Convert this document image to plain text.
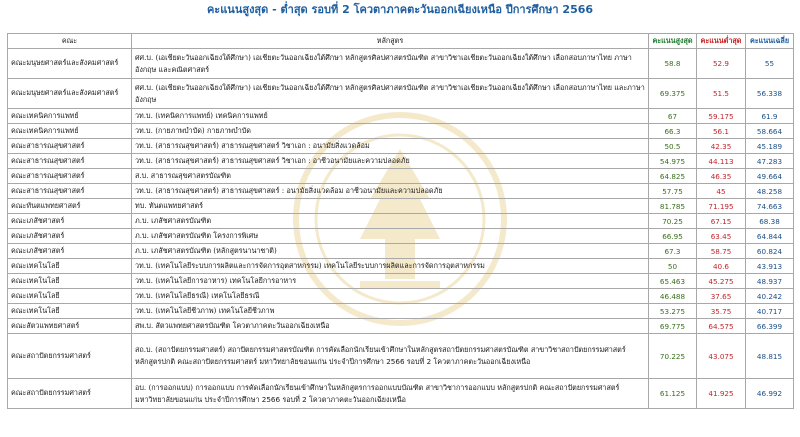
คะแนนสูงสุด - ต่ำสุด รอบที่ 2 โควตาภาคตะวันออกเฉียงเหนือ ปีการศึกษา 2566
คณะ	หลักสูตร	คะแนนสูงสุด	คะแนนต่ำสุด	คะแนนเฉลี่ย
คณะมนุษยศาสตร์และสังคมศาสตร์	ศศ.บ. (เอเชียตะวันออกเฉียงใต้ศึกษา) เอเชียตะวันออกเฉียงใต้ศึกษา หลักสูตรศิลปศาสตรบัณฑิต สาขาวิชาเอเชียตะวันออกเฉียงใต้ศึกษา เลือกสอบภาษาไทย ภาษาอังกฤษ และคณิตศาสตร์	58.8	52.9	55
คณะมนุษยศาสตร์และสังคมศาสตร์	ศศ.บ. (เอเชียตะวันออกเฉียงใต้ศึกษา) เอเชียตะวันออกเฉียงใต้ศึกษา หลักสูตรศิลปศาสตรบัณฑิต สาขาวิชาเอเชียตะวันออกเฉียงใต้ศึกษา เลือกสอบภาษาไทย และภาษาอังกฤษ	69.375	51.5	56.338
คณะเทคนิคการแพทย์	วท.บ. (เทคนิคการแพทย์) เทคนิคการแพทย์	67	59.175	61.9
คณะเทคนิคการแพทย์	วท.บ. (กายภาพบำบัด) กายภาพบำบัด	66.3	56.1	58.664
คณะสาธารณสุขศาสตร์	วท.บ. (สาธารณสุขศาสตร์) สาธารณสุขศาสตร์ วิชาเอก : อนามัยสิ่งแวดล้อม	50.5	42.35	45.189
คณะสาธารณสุขศาสตร์	วท.บ. (สาธารณสุขศาสตร์) สาธารณสุขศาสตร์ วิชาเอก : อาชีวอนามัยและความปลอดภัย	54.975	44.113	47.283
คณะสาธารณสุขศาสตร์	ส.บ. สาธารณสุขศาสตรบัณฑิต	64.825	46.35	49.664
คณะสาธารณสุขศาสตร์	วท.บ. (สาธารณสุขศาสตร์) สาธารณสุขศาสตร์ : อนามัยสิ่งแวดล้อม อาชีวอนามัยและความปลอดภัย	57.75	45	48.258
คณะทันตแพทยศาสตร์	ทบ. ทันตแพทยศาสตร์	81.785	71.195	74.663
คณะเภสัชศาสตร์	ภ.บ. เภสัชศาสตรบัณฑิต	70.25	67.15	68.38
คณะเภสัชศาสตร์	ภ.บ. เภสัชศาสตรบัณฑิต โครงการพิเศษ	66.95	63.45	64.844
คณะเภสัชศาสตร์	ภ.บ. เภสัชศาสตรบัณฑิต (หลักสูตรนานาชาติ)	67.3	58.75	60.824
คณะเทคโนโลยี	วท.บ. (เทคโนโลยีระบบการผลิตและการจัดการอุตสาหกรรม) เทคโนโลยีระบบการผลิตและการจัดการอุตสาหกรรม	50	40.6	43.913
คณะเทคโนโลยี	วท.บ. (เทคโนโลยีการอาหาร) เทคโนโลยีการอาหาร	65.463	45.275	48.937
คณะเทคโนโลยี	วท.บ. (เทคโนโลยีธรณี) เทคโนโลยีธรณี	46.488	37.65	40.242
คณะเทคโนโลยี	วท.บ. (เทคโนโลยีชีวภาพ) เทคโนโลยีชีวภาพ	53.275	35.75	40.717
คณะสัตวแพทยศาสตร์	สพ.บ. สัตวแพทยศาสตรบัณฑิต โควตาภาคตะวันออกเฉียงเหนือ	69.775	64.575	66.399
คณะสถาปัตยกรรมศาสตร์	สถ.บ. (สถาปัตยกรรมศาสตร์) สถาปัตยกรรมศาสตรบัณฑิต การคัดเลือกนักเรียนเข้าศึกษาในหลักสูตรสถาปัตยกรรมศาสตรบัณฑิต สาขาวิชาสถาปัตยกรรมศาสตร์ หลักสูตรปกติ คณะสถาปัตยกรรมศาสตร์ มหาวิทยาลัยขอนแก่น ประจำปีการศึกษา 2566 รอบที่ 2 โควตาภาคตะวันออกเฉียงเหนือ	70.225	43.075	48.815
คณะสถาปัตยกรรมศาสตร์	อบ. (การออกแบบ) การออกแบบ การคัดเลือกนักเรียนเข้าศึกษาในหลักสูตรการออกแบบบัณฑิต สาขาวิชาการออกแบบ หลักสูตรปกติ คณะสถาปัตยกรรมศาสตร์ มหาวิทยาลัยขอนแก่น ประจำปีการศึกษา 2566 รอบที่ 2 โควตาภาคตะวันออกเฉียงเหนือ	61.125	41.925	46.992
